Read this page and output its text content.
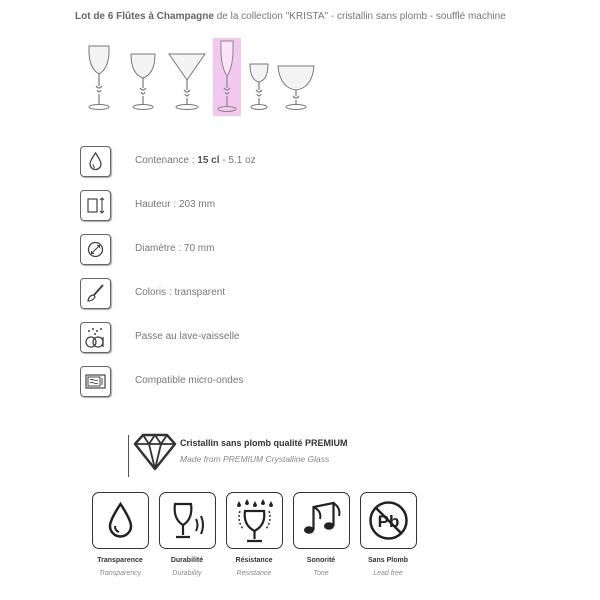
Lot de 6 Flûtes à Champagne de la collection "KRISTA" - cristallin sans plomb - soufflé machine
Contenance : 15 cl - 5.1 oz
Hauteur : 203 mm
Diamètre : 70 mm
Coloris : transparent
Passe au lave-vaisselle
Compatible micro-ondes
Cristallin sans plomb qualité PREMIUM
Made from PREMIUM Crystalline Glass
Transparence
Transparency
Durabilité
Durability
Résistance
Resistance
Sonorité
Tone
Pb
Sans Plomb
Lead free
